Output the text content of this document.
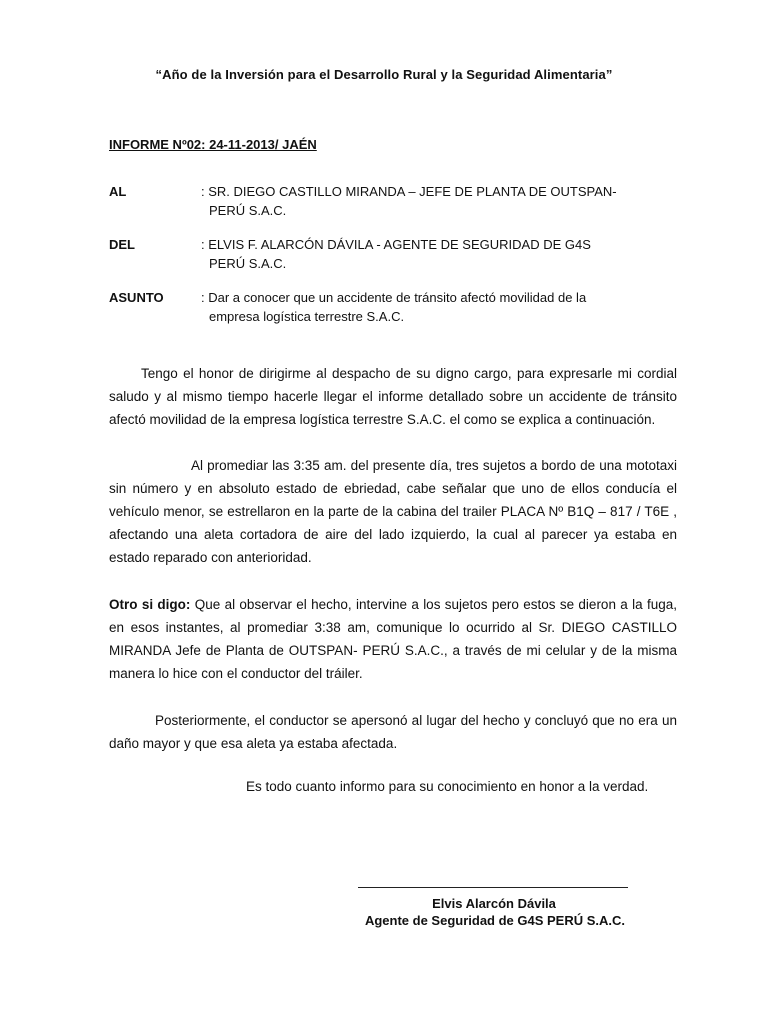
“Año de la Inversión para el Desarrollo Rural y la Seguridad Alimentaria”
INFORME Nº02: 24-11-2013/ JAÉN
AL	: SR. DIEGO CASTILLO MIRANDA – JEFE DE PLANTA DE OUTSPAN-
PERÚ S.A.C.
DEL	: ELVIS F. ALARCÓN DÁVILA - AGENTE DE SEGURIDAD DE G4S
PERÚ S.A.C.
ASUNTO	: Dar a conocer que un accidente de tránsito afectó movilidad de la
empresa logística terrestre S.A.C.

Tengo el honor de dirigirme al despacho de su digno cargo, para expresarle mi cordial saludo y al mismo tiempo hacerle llegar el informe detallado sobre un accidente de tránsito afectó movilidad de la empresa logística terrestre S.A.C. el como se explica a continuación.

Al promediar las 3:35 am. del presente día, tres sujetos a bordo de una mototaxi sin número y en absoluto estado de ebriedad, cabe señalar que uno de ellos conducía el vehículo menor, se estrellaron en la parte de la cabina del trailer PLACA Nº B1Q – 817 / T6E , afectando una aleta cortadora de aire del lado izquierdo, la cual al parecer ya estaba en estado reparado con anterioridad.

Otro si digo: Que al observar el hecho, intervine a los sujetos pero estos se dieron a la fuga, en esos instantes, al promediar 3:38 am, comunique lo ocurrido al Sr. DIEGO CASTILLO MIRANDA Jefe de Planta de OUTSPAN- PERÚ S.A.C., a través de mi celular y de la misma manera lo hice con el conductor del tráiler.

Posteriormente, el conductor se apersonó al lugar del hecho y concluyó que no era un daño mayor y que esa aleta ya estaba afectada.

Es todo cuanto informo para su conocimiento en honor a la verdad.
Elvis Alarcón Dávila
Agente de Seguridad de G4S PERÚ S.A.C.
